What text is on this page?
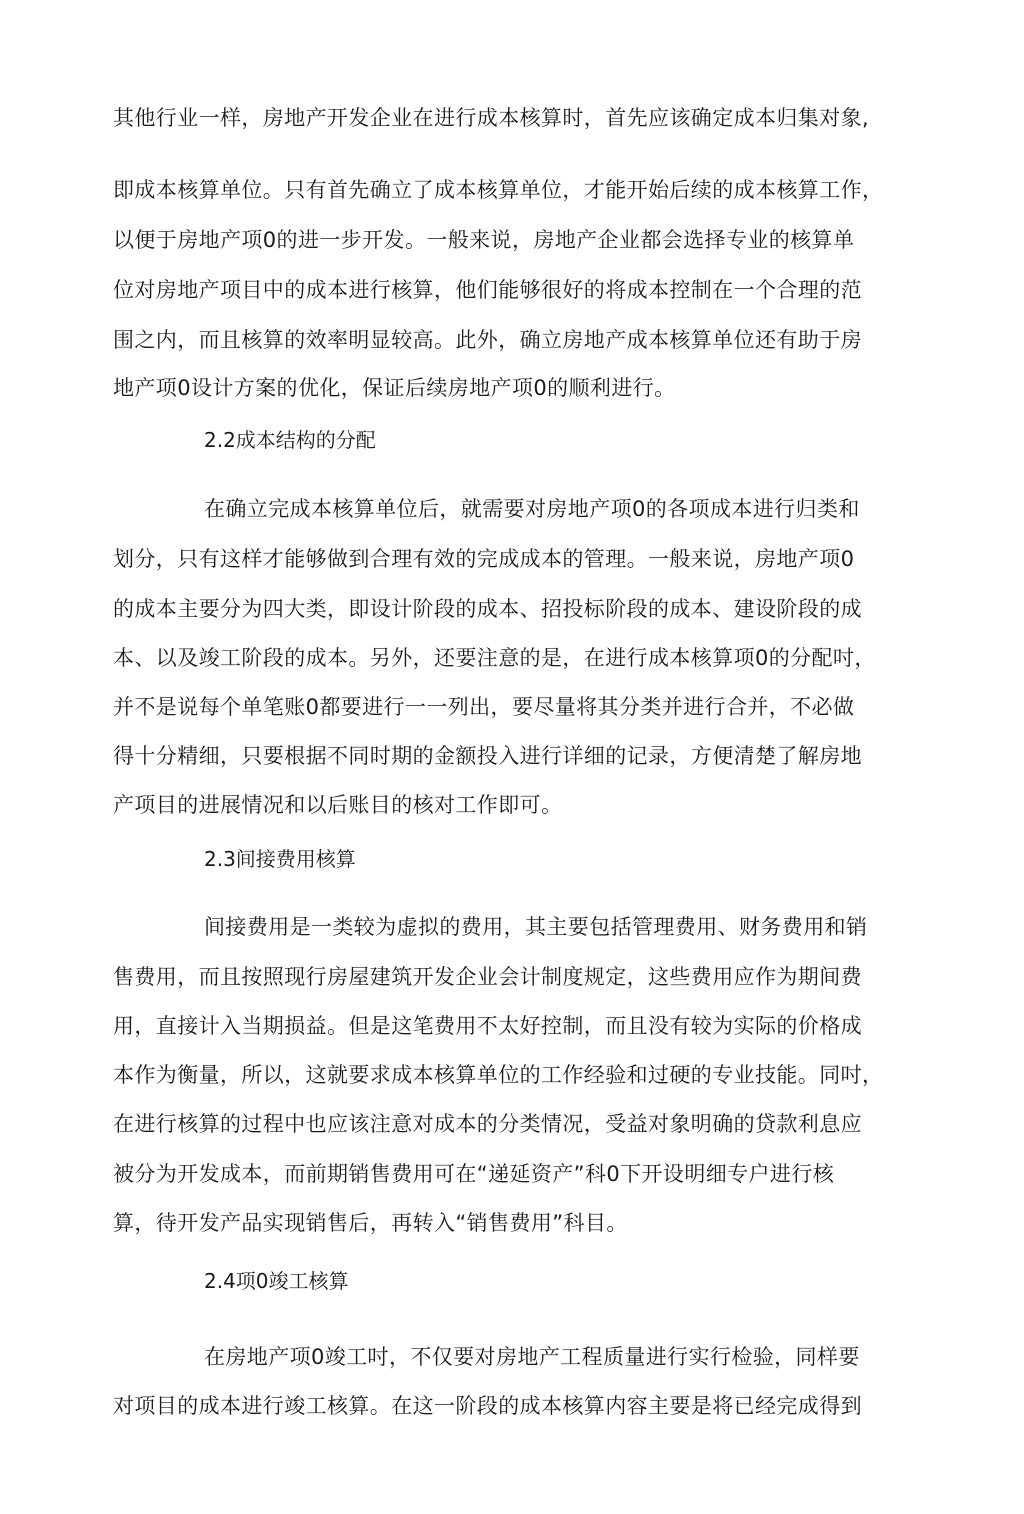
其他行业一样，房地产开发企业在进行成本核算时，首先应该确定成本归集对象,
即成本核算单位。只有首先确立了成本核算单位，才能开始后续的成本核算工作，
以便于房地产项0的进一步开发。一般来说，房地产企业都会选择专业的核算单
位对房地产项目中的成本进行核算，他们能够很好的将成本控制在一个合理的范
围之内，而且核算的效率明显较高。此外，确立房地产成本核算单位还有助于房
地产项0设计方案的优化，保证后续房地产项0的顺利进行。
2.2成本结构的分配
在确立完成本核算单位后，就需要对房地产项0的各项成本进行归类和
划分，只有这样才能够做到合理有效的完成成本的管理。一般来说，房地产项0
的成本主要分为四大类，即设计阶段的成本、招投标阶段的成本、建设阶段的成
本、以及竣工阶段的成本。另外，还要注意的是，在进行成本核算项0的分配吋，
并不是说每个单笔账0都要进行一一列出，要尽量将其分类并进行合并，不必做
得十分精细，只要根据不同时期的金额投入进行详细的记录，方便清楚了解房地
产项目的进展情况和以后账目的核对工作即可。
2.3间接费用核算
间接费用是一类较为虚拟的费用，其主要包括管理费用、财务费用和销
售费用，而且按照现行房屋建筑开发企业会计制度规定，这些费用应作为期间费
用，直接计入当期损益。但是这笔费用不太好控制，而且没有较为实际的价格成
本作为衡量，所以，这就要求成本核算单位的工作经验和过硬的专业技能。同吋，
在进行核算的过程中也应该注意对成本的分类情况，受益对象明确的贷款利息应
被分为开发成本，而前期销售费用可在“递延资产”科0下开设明细专户进行核
算，待开发产品实现销售后，再转入“销售费用”科目。
2.4项0竣工核算
在房地产项0竣工吋，不仅要对房地产工程质量进行实行检验，同样要
对项目的成本进行竣工核算。在这一阶段的成本核算内容主要是将已经完成得到
